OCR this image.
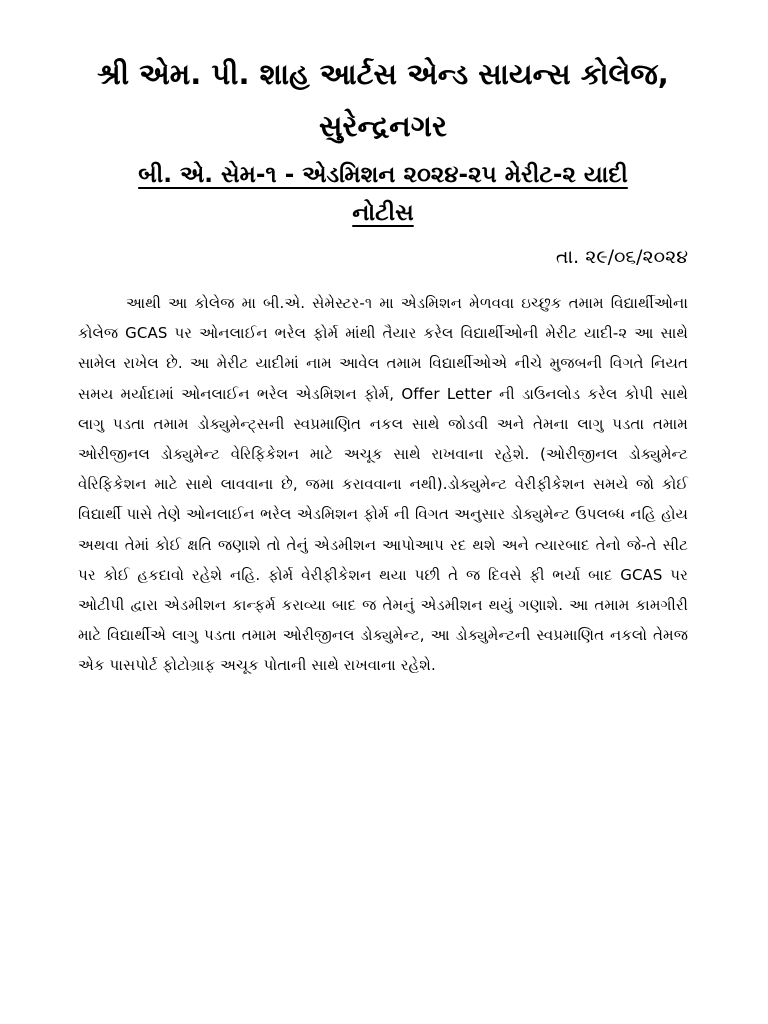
શ્રી એમ. પી. શાહ આર્ટસ એન્ડ સાયન્સ કોલેજ, સુરેન્દ્રનગર
બી. એ. સેમ-૧ - એડમિશન ૨૦૨૪-૨૫ મેરીટ-૨ યાદી
નોટીસ

તા. ૨૯/૦૬/૨૦૨૪

આથી આ કોલેજ મા બી.એ. સેમેસ્ટર-૧ મા એડમિશન મેળવવા ઇચ્છુક તમામ વિદ્યાર્થીઓના કોલેજ GCAS પર ઓનલાઈન ભરેલ ફોર્મ માંથી તૈયાર કરેલ વિદ્યાર્થીઓની મેરીટ યાદી-૨ આ સાથે સામેલ રાખેલ છે. આ મેરીટ યાદીમાં નામ આવેલ તમામ વિદ્યાર્થીઓએ નીચે મુજબની વિગતે નિયત સમય મર્યાદામાં ઓનલાઈન ભરેલ એડમિશન ફોર્મ, Offer Letter ની ડાઉનલોડ કરેલ કોપી સાથે લાગુ પડતા તમામ ડોક્યુમેન્ટ્સની સ્વપ્રમાણિત નકલ સાથે જોડવી અને તેમના લાગુ પડતા તમામ ઓરીજીનલ ડોક્યુમેન્ટ વેરિફિકેશન માટે અચૂક સાથે રાખવાના રહેશે. (ઓરીજીનલ ડોક્યુમેન્ટ વેરિફિકેશન માટે સાથે લાવવાના છે, જમા કરાવવાના નથી).ડોક્યુમેન્ટ વેરીફીકેશન સમયે જો કોઈ વિદ્યાર્થી પાસે તેણે ઓનલાઈન ભરેલ એડમિશન ફોર્મ ની વિગત અનુસાર ડોક્યુમેન્ટ ઉપલબ્ધ નહિ હોય અથવા તેમાં કોઈ ક્ષતિ જણાશે તો તેનું એડમીશન આપોઆપ રદ થશે અને ત્યારબાદ તેનો જે-તે સીટ પર કોઈ હકદાવો રહેશે નહિ. ફોર્મ વેરીફીકેશન થયા પછી તે જ દિવસે ફી ભર્યા બાદ GCAS પર ઓટીપી દ્વારા એડમીશન કાન્ફર્મ કરાવ્યા બાદ જ તેમનું એડમીશન થયું ગણાશે. આ તમામ કામગીરી માટે વિદ્યાર્થીએ લાગુ પડતા તમામ ઓરીજીનલ ડોક્યુમેન્ટ, આ ડોક્યુમેન્ટની સ્વપ્રમાણિત નકલો તેમજ એક પાસપોર્ટ ફોટોગ્રાફ અચૂક પોતાની સાથે રાખવાના રહેશે.
